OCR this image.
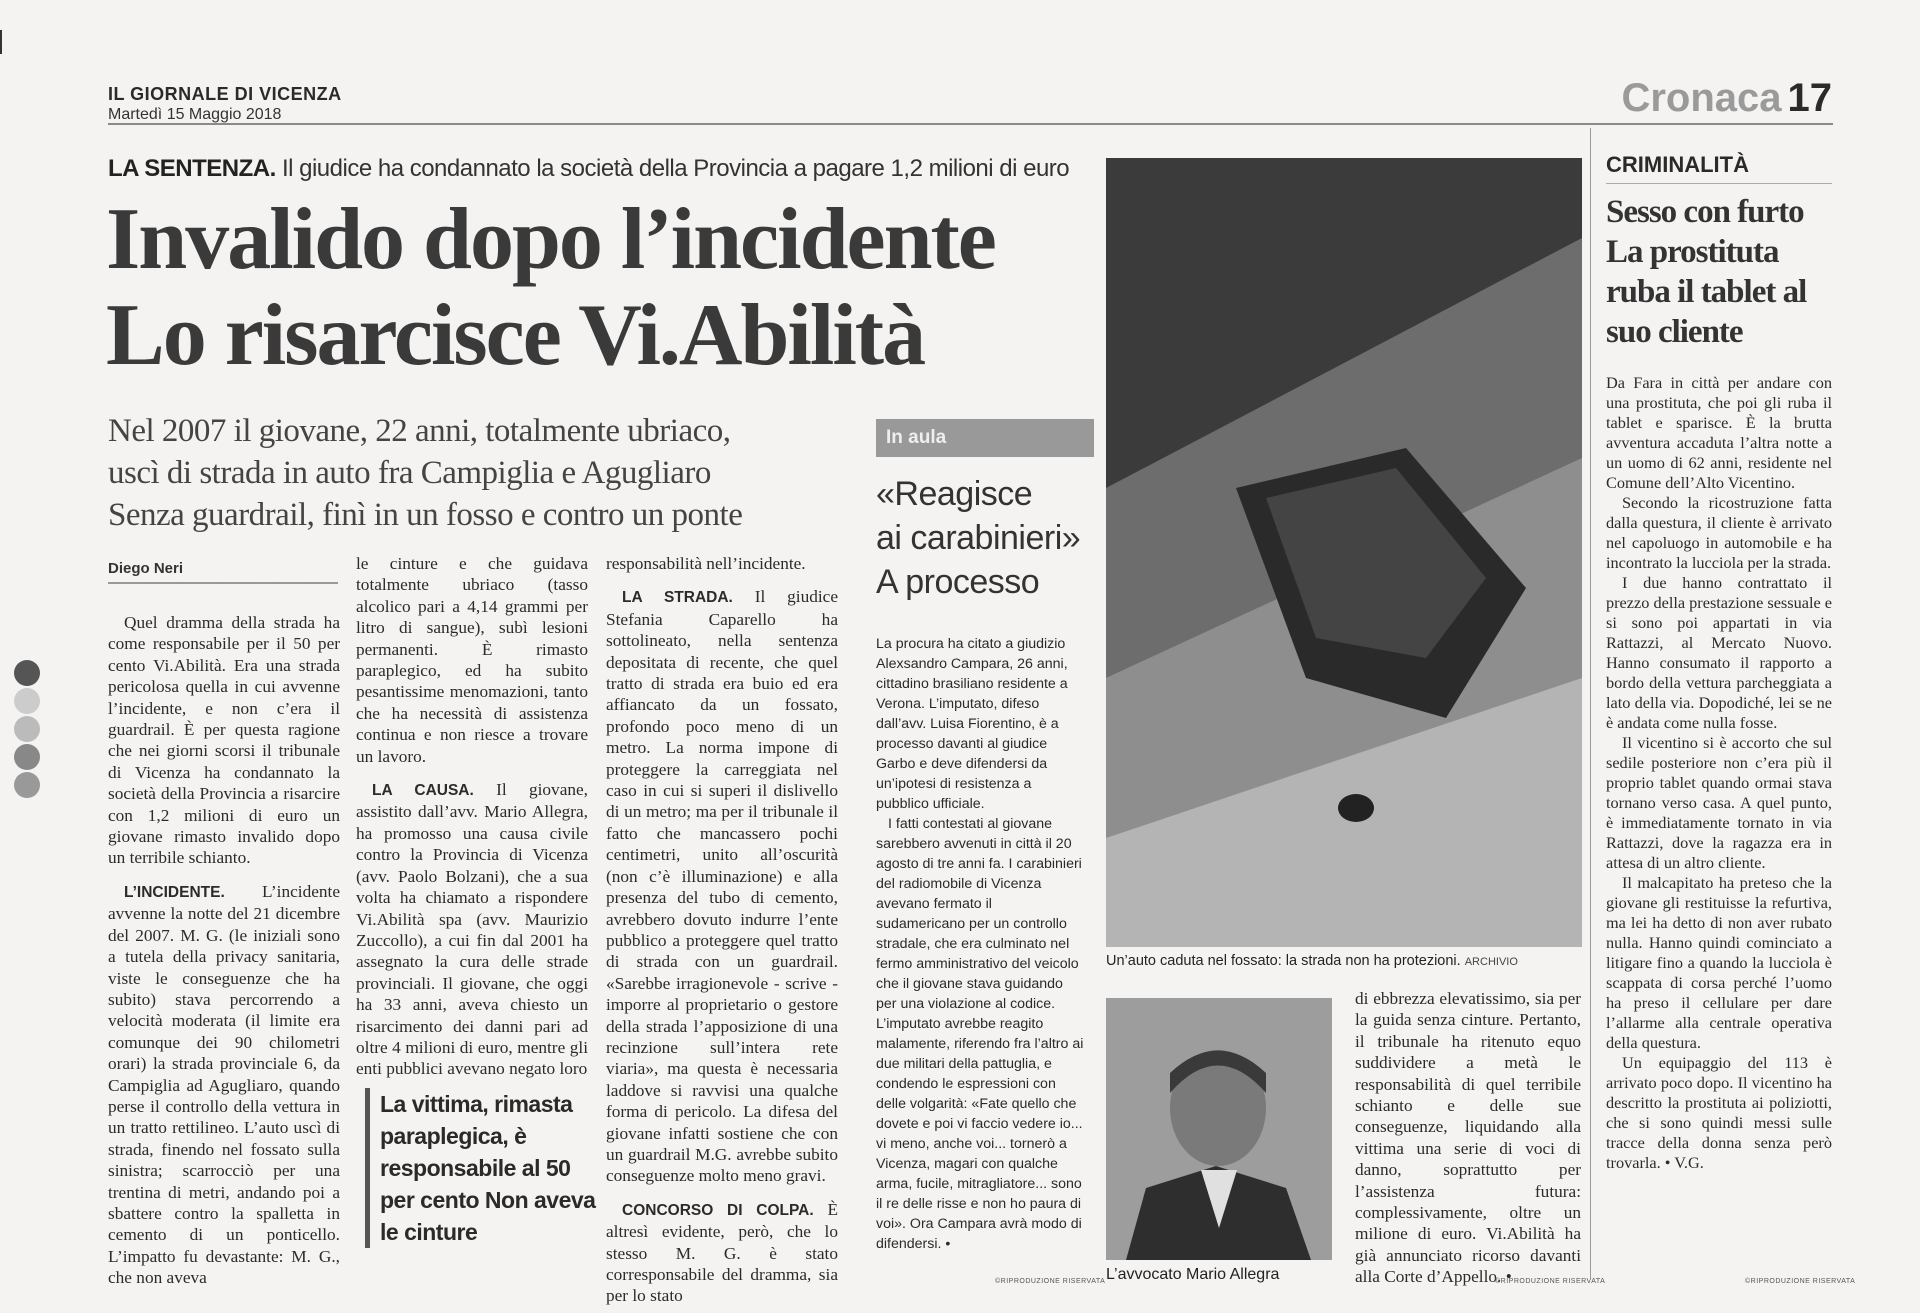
IL GIORNALE DI VICENZA
Martedì 15 Maggio 2018	Cronaca 17
LA SENTENZA. Il giudice ha condannato la società della Provincia a pagare 1,2 milioni di euro
Invalido dopo l’incidente
Lo risarcisce Vi.Abilità
Nel 2007 il giovane, 22 anni, totalmente ubriaco,
uscì di strada in auto fra Campiglia e Agugliaro
Senza guardrail, finì in un fosso e contro un ponte
Diego Neri

Quel dramma della strada ha come responsabile per il 50 per cento Vi.Abilità. Era una strada pericolosa quella in cui avvenne l’incidente, e non c’era il guardrail. È per questa ragione che nei giorni scorsi il tribunale di Vicenza ha condannato la società della Provincia a risarcire con 1,2 milioni di euro un giovane rimasto invalido dopo un terribile schianto.

L’INCIDENTE. L’incidente avvenne la notte del 21 dicembre del 2007. M. G. (le iniziali sono a tutela della privacy sanitaria, viste le conseguenze che ha subito) stava percorrendo a velocità moderata (il limite era comunque dei 90 chilometri orari) la strada provinciale 6, da Campiglia ad Agugliaro, quando perse il controllo della vettura in un tratto rettilineo. L’auto uscì di strada, finendo nel fossato sulla sinistra; scarrocciò per una trentina di metri, andando poi a sbattere contro la spalletta in cemento di un ponticello. L’impatto fu devastante: M. G., che non aveva

le cinture e che guidava totalmente ubriaco (tasso alcolico pari a 4,14 grammi per litro di sangue), subì lesioni permanenti. È rimasto paraplegico, ed ha subito pesantissime menomazioni, tanto che ha necessità di assistenza continua e non riesce a trovare un lavoro.

LA CAUSA. Il giovane, assistito dall’avv. Mario Allegra, ha promosso una causa civile contro la Provincia di Vicenza (avv. Paolo Bolzani), che a sua volta ha chiamato a rispondere Vi.Abilità spa (avv. Maurizio Zuccollo), a cui fin dal 2001 ha assegnato la cura delle strade provinciali. Il giovane, che oggi ha 33 anni, aveva chiesto un risarcimento dei danni pari ad oltre 4 milioni di euro, mentre gli enti pubblici avevano negato loro

La vittima, rimasta paraplegica, è responsabile al 50 per cento Non aveva le cinture

responsabilità nell’incidente.

LA STRADA. Il giudice Stefania Caparello ha sottolineato, nella sentenza depositata di recente, che quel tratto di strada era buio ed era affiancato da un fossato, profondo poco meno di un metro. La norma impone di proteggere la carreggiata nel caso in cui si superi il dislivello di un metro; ma per il tribunale il fatto che mancassero pochi centimetri, unito all’oscurità (non c’è illuminazione) e alla presenza del tubo di cemento, avrebbero dovuto indurre l’ente pubblico a proteggere quel tratto di strada con un guardrail. «Sarebbe irragionevole - scrive - imporre al proprietario o gestore della strada l’apposizione di una recinzione sull’intera rete viaria», ma questa è necessaria laddove si ravvisi una qualche forma di pericolo. La difesa del giovane infatti sostiene che con un guardrail M.G. avrebbe subito conseguenze molto meno gravi.

CONCORSO DI COLPA. È altresì evidente, però, che lo stesso M. G. è stato corresponsabile del dramma, sia per lo stato

In aula
«Reagisce
ai carabinieri»
A processo

La procura ha citato a giudizio Alexsandro Campara, 26 anni, cittadino brasiliano residente a Verona. L’imputato, difeso dall’avv. Luisa Fiorentino, è a processo davanti al giudice Garbo e deve difendersi da un’ipotesi di resistenza a pubblico ufficiale.

I fatti contestati al giovane sarebbero avvenuti in città il 20 agosto di tre anni fa. I carabinieri del radiomobile di Vicenza avevano fermato il sudamericano per un controllo stradale, che era culminato nel fermo amministrativo del veicolo che il giovane stava guidando per una violazione al codice. L’imputato avrebbe reagito malamente, riferendo fra l’altro ai due militari della pattuglia, e condendo le espressioni con delle volgarità: «Fate quello che dovete e poi vi faccio vedere io... vi meno, anche voi... tornerò a Vicenza, magari con qualche arma, fucile, mitragliatore... sono il re delle risse e non ho paura di voi». Ora Campara avrà modo di difendersi. •

Un’auto caduta nel fossato: la strada non ha protezioni. ARCHIVIO

di ebbrezza elevatissimo, sia per la guida senza cinture. Pertanto, il tribunale ha ritenuto equo suddividere a metà le responsabilità di quel terribile schianto e delle sue conseguenze, liquidando alla vittima una serie di voci di danno, soprattutto per l’assistenza futura: complessivamente, oltre un milione di euro. Vi.Abilità ha già annunciato ricorso davanti alla Corte d’Appello. •

L’avvocato Mario Allegra
©RIPRODUZIONE RISERVATA	©RIPRODUZIONE RISERVATA	©RIPRODUZIONE RISERVATA
CRIMINALITÀ
Sesso con furto La prostituta ruba il tablet al suo cliente

Da Fara in città per andare con una prostituta, che poi gli ruba il tablet e sparisce. È la brutta avventura accaduta l’altra notte a un uomo di 62 anni, residente nel Comune dell’Alto Vicentino.

Secondo la ricostruzione fatta dalla questura, il cliente è arrivato nel capoluogo in automobile e ha incontrato la lucciola per la strada.

I due hanno contrattato il prezzo della prestazione sessuale e si sono poi appartati in via Rattazzi, al Mercato Nuovo. Hanno consumato il rapporto a bordo della vettura parcheggiata a lato della via. Dopodiché, lei se ne è andata come nulla fosse.

Il vicentino si è accorto che sul sedile posteriore non c’era più il proprio tablet quando ormai stava tornano verso casa. A quel punto, è immediatamente tornato in via Rattazzi, dove la ragazza era in attesa di un altro cliente.

Il malcapitato ha preteso che la giovane gli restituisse la refurtiva, ma lei ha detto di non aver rubato nulla. Hanno quindi cominciato a litigare fino a quando la lucciola è scappata di corsa perché l’uomo ha preso il cellulare per dare l’allarme alla centrale operativa della questura.

Un equipaggio del 113 è arrivato poco dopo. Il vicentino ha descritto la prostituta ai poliziotti, che si sono quindi messi sulle tracce della donna senza però trovarla. • V.G.
